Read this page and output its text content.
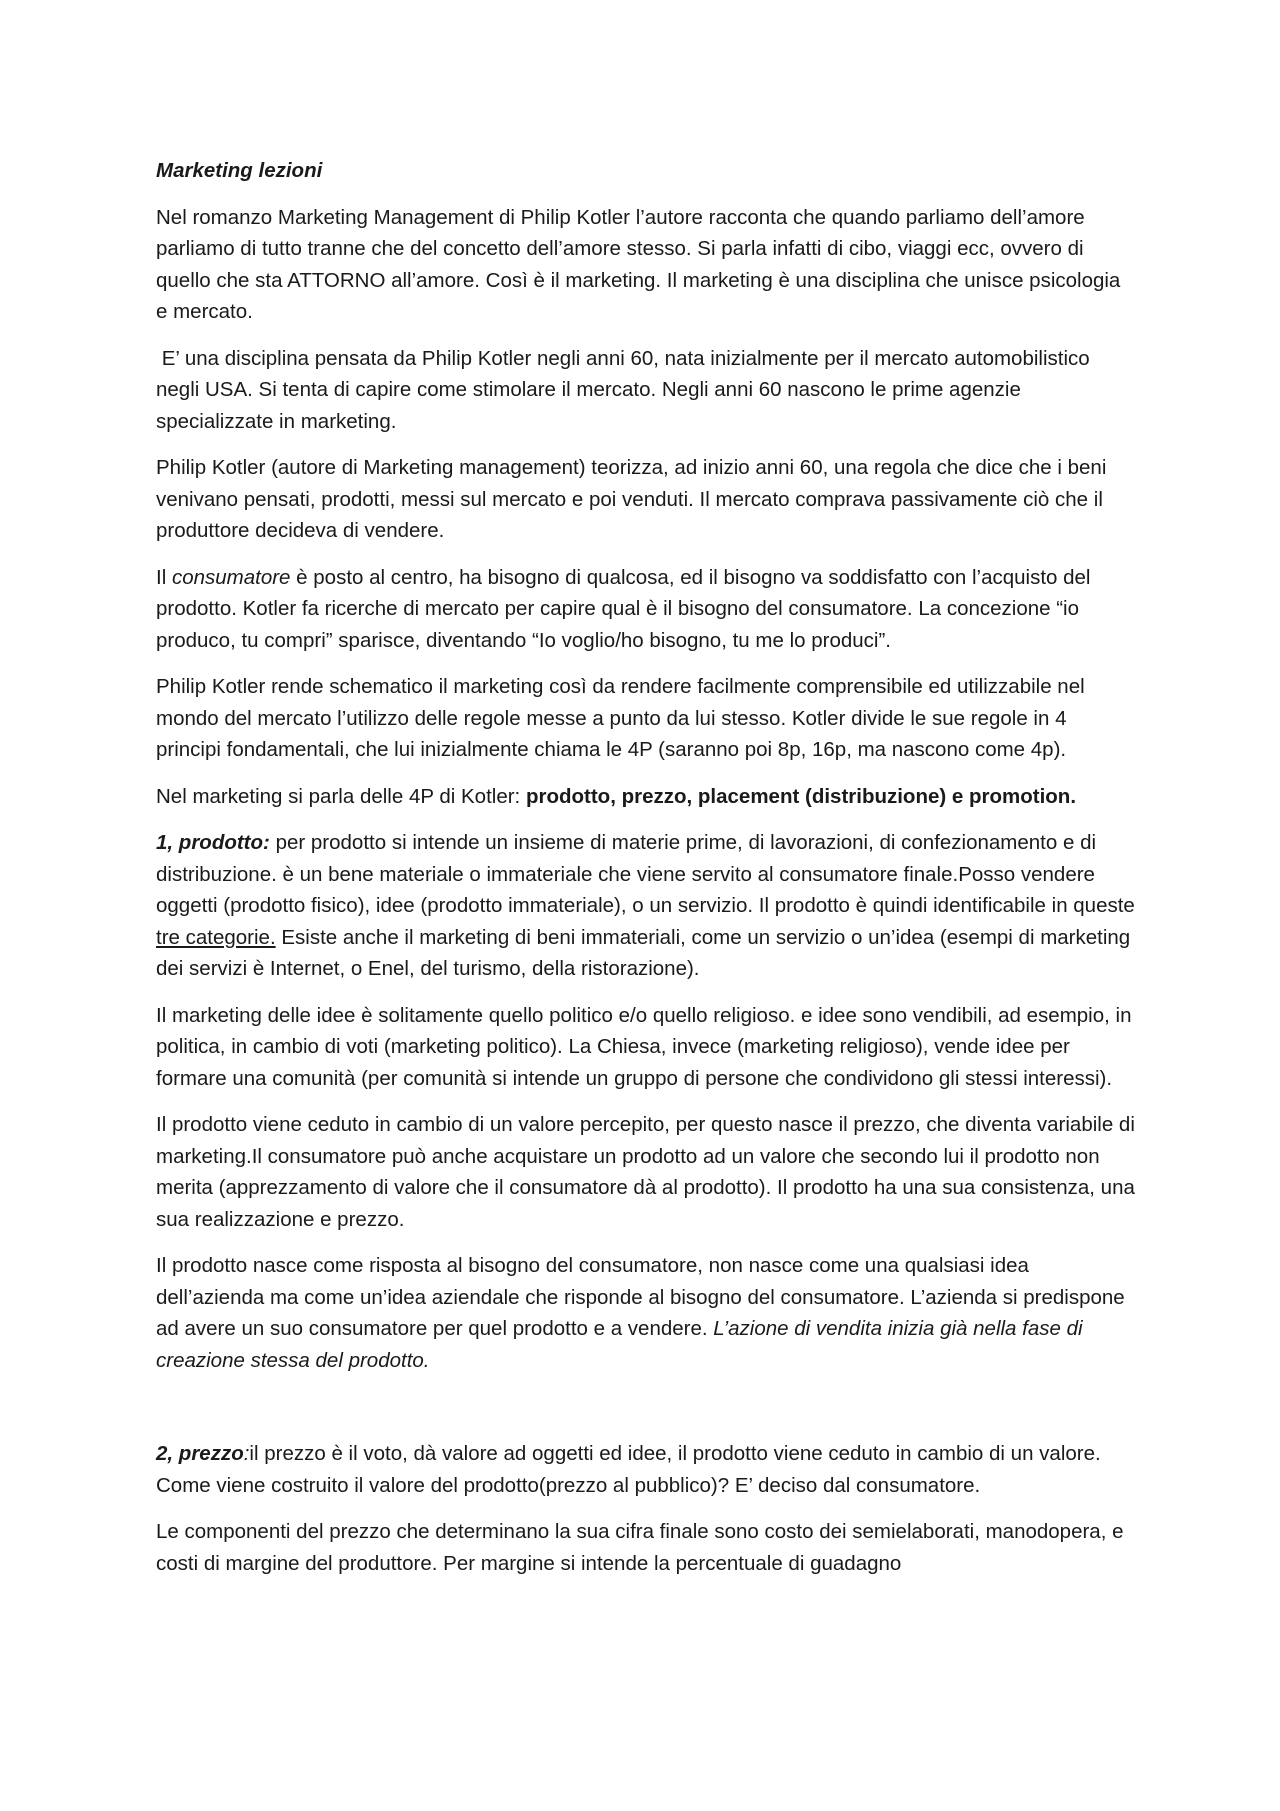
Marketing lezioni

Nel romanzo Marketing Management di Philip Kotler l’autore racconta che quando parliamo dell’amore parliamo di tutto tranne che del concetto dell’amore stesso. Si parla infatti di cibo, viaggi ecc, ovvero di quello che sta ATTORNO all’amore. Così è il marketing. Il marketing è una disciplina che unisce psicologia e mercato.

E’ una disciplina pensata da Philip Kotler negli anni 60, nata inizialmente per il mercato automobilistico negli USA. Si tenta di capire come stimolare il mercato. Negli anni 60 nascono le prime agenzie specializzate in marketing.

Philip Kotler (autore di Marketing management) teorizza, ad inizio anni 60, una regola che dice che i beni venivano pensati, prodotti, messi sul mercato e poi venduti. Il mercato comprava passivamente ciò che il produttore decideva di vendere.

Il consumatore è posto al centro, ha bisogno di qualcosa, ed il bisogno va soddisfatto con l’acquisto del prodotto. Kotler fa ricerche di mercato per capire qual è il bisogno del consumatore. La concezione “io produco, tu compri” sparisce, diventando “Io voglio/ho bisogno, tu me lo produci”.

Philip Kotler rende schematico il marketing così da rendere facilmente comprensibile ed utilizzabile nel mondo del mercato l’utilizzo delle regole messe a punto da lui stesso. Kotler divide le sue regole in 4 principi fondamentali, che lui inizialmente chiama le 4P (saranno poi 8p, 16p, ma nascono come 4p).

Nel marketing si parla delle 4P di Kotler: prodotto, prezzo, placement (distribuzione) e promotion.

1, prodotto: per prodotto si intende un insieme di materie prime, di lavorazioni, di confezionamento e di distribuzione. è un bene materiale o immateriale che viene servito al consumatore finale.Posso vendere oggetti (prodotto fisico), idee (prodotto immateriale), o un servizio. Il prodotto è quindi identificabile in queste tre categorie. Esiste anche il marketing di beni immateriali, come un servizio o un’idea (esempi di marketing dei servizi è Internet, o Enel, del turismo, della ristorazione).

Il marketing delle idee è solitamente quello politico e/o quello religioso. e idee sono vendibili, ad esempio, in politica, in cambio di voti (marketing politico). La Chiesa, invece (marketing religioso), vende idee per formare una comunità (per comunità si intende un gruppo di persone che condividono gli stessi interessi).

Il prodotto viene ceduto in cambio di un valore percepito, per questo nasce il prezzo, che diventa variabile di marketing.Il consumatore può anche acquistare un prodotto ad un valore che secondo lui il prodotto non merita (apprezzamento di valore che il consumatore dà al prodotto). Il prodotto ha una sua consistenza, una sua realizzazione e prezzo.

Il prodotto nasce come risposta al bisogno del consumatore, non nasce come una qualsiasi idea dell’azienda ma come un’idea aziendale che risponde al bisogno del consumatore. L’azienda si predispone ad avere un suo consumatore per quel prodotto e a vendere. L’azione di vendita inizia già nella fase di creazione stessa del prodotto.

2, prezzo:il prezzo è il voto, dà valore ad oggetti ed idee, il prodotto viene ceduto in cambio di un valore. Come viene costruito il valore del prodotto(prezzo al pubblico)? E’ deciso dal consumatore.

Le componenti del prezzo che determinano la sua cifra finale sono costo dei semielaborati, manodopera, e costi di margine del produttore. Per margine si intende la percentuale di guadagno
